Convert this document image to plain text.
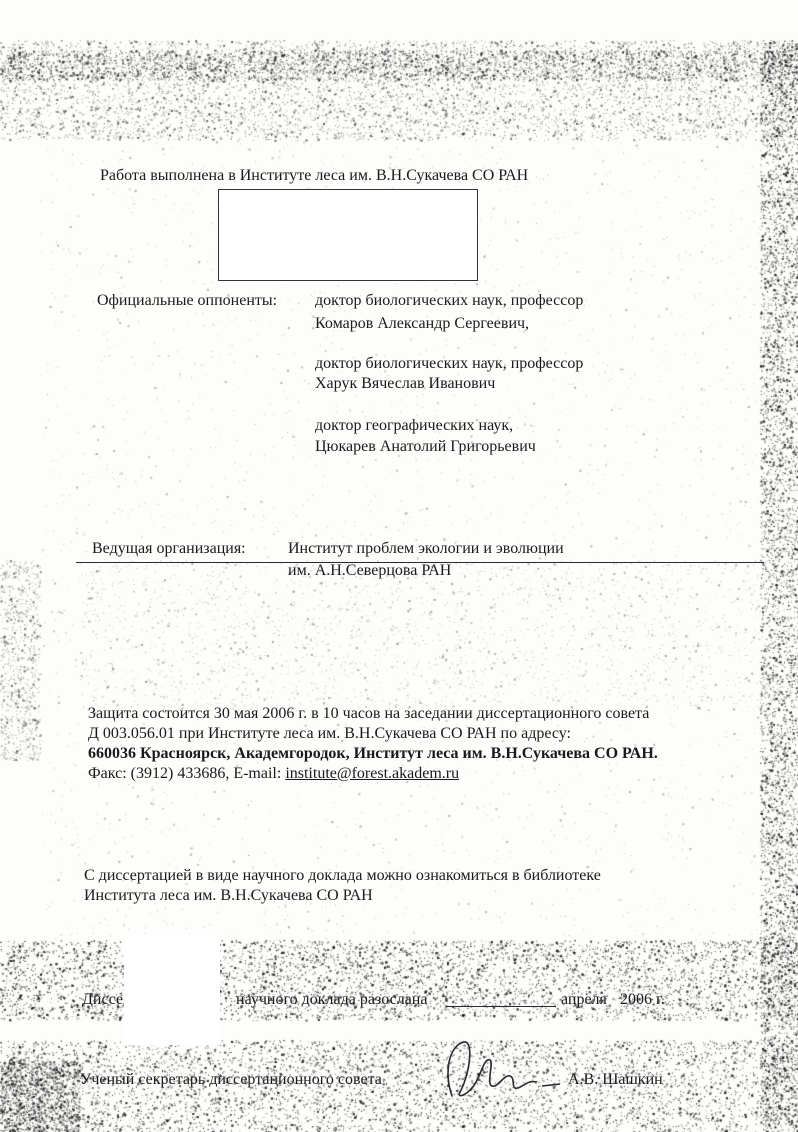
Работа выполнена в Институте леса им. В.Н.Сукачева СО РАН
Официальные оппоненты: доктор биологических наук, профессор
Комаров Александр Сергеевич,
доктор биологических наук, профессор
Харук Вячеслав Иванович
доктор географических наук,
Цюкарев Анатолий Григорьевич
Ведущая организация:	Институт проблем экологии и эволюции
им. А.Н.Северцова РАН
Защита состоится 30 мая 2006 г. в 10 часов на заседании диссертационного совета
Д 003.056.01 при Институте леса им. В.Н.Сукачева СО РАН по адресу:
660036 Красноярск, Академгородок, Институт леса им. В.Н.Сукачева СО РАН.
Факс: (3912) 433686, E-mail: institute@forest.akadem.ru
С диссертацией в виде научного доклада можно ознакомиться в библиотеке
Института леса им. В.Н.Сукачева СО РАН
Диссе	научного доклада разослана	апреля 2006 г.
Ученый секретарь диссертационного совета	А.В. Шашкин
